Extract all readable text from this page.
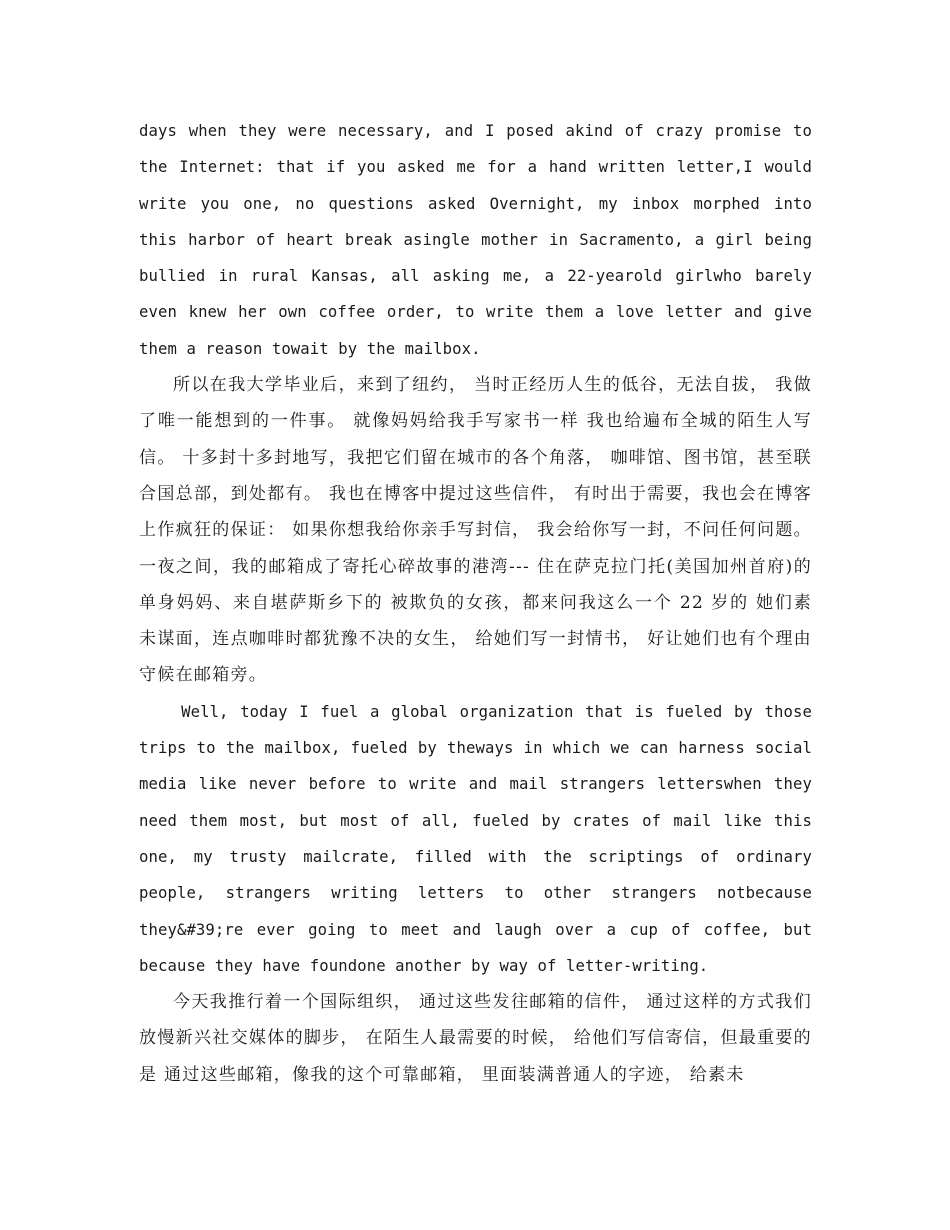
days when they were necessary, and I posed akind of crazy promise to the Internet: that if you asked me for a hand written letter,I would write you one, no questions asked Overnight, my inbox morphed into this harbor of heart break asingle mother in Sacramento, a girl being bullied in rural Kansas, all asking me, a 22-yearold girlwho barely even knew her own coffee order, to write them a love letter and give them a reason towait by the mailbox.

所以在我大学毕业后，来到了纽约， 当时正经历人生的低谷，无法自拔， 我做了唯一能想到的一件事。 就像妈妈给我手写家书一样 我也给遍布全城的陌生人写信。 十多封十多封地写，我把它们留在城市的各个角落， 咖啡馆、图书馆，甚至联合国总部，到处都有。 我也在博客中提过这些信件， 有时出于需要，我也会在博客上作疯狂的保证： 如果你想我给你亲手写封信， 我会给你写一封，不问任何问题。 一夜之间，我的邮箱成了寄托心碎故事的港湾--- 住在萨克拉门托(美国加州首府)的单身妈妈、来自堪萨斯乡下的 被欺负的女孩，都来问我这么一个 22 岁的 她们素未谋面，连点咖啡时都犹豫不决的女生， 给她们写一封情书， 好让她们也有个理由守候在邮箱旁。

Well, today I fuel a global organization that is fueled by those trips to the mailbox, fueled by theways in which we can harness social media like never before to write and mail strangers letterswhen they need them most, but most of all, fueled by crates of mail like this one, my trusty mailcrate, filled with the scriptings of ordinary people, strangers writing letters to other strangers notbecause they&#39;re ever going to meet and laugh over a cup of coffee, but because they have foundone another by way of letter-writing.

今天我推行着一个国际组织， 通过这些发往邮箱的信件， 通过这样的方式我们放慢新兴社交媒体的脚步， 在陌生人最需要的时候， 给他们写信寄信，但最重要的是 通过这些邮箱，像我的这个可靠邮箱， 里面装满普通人的字迹， 给素未
